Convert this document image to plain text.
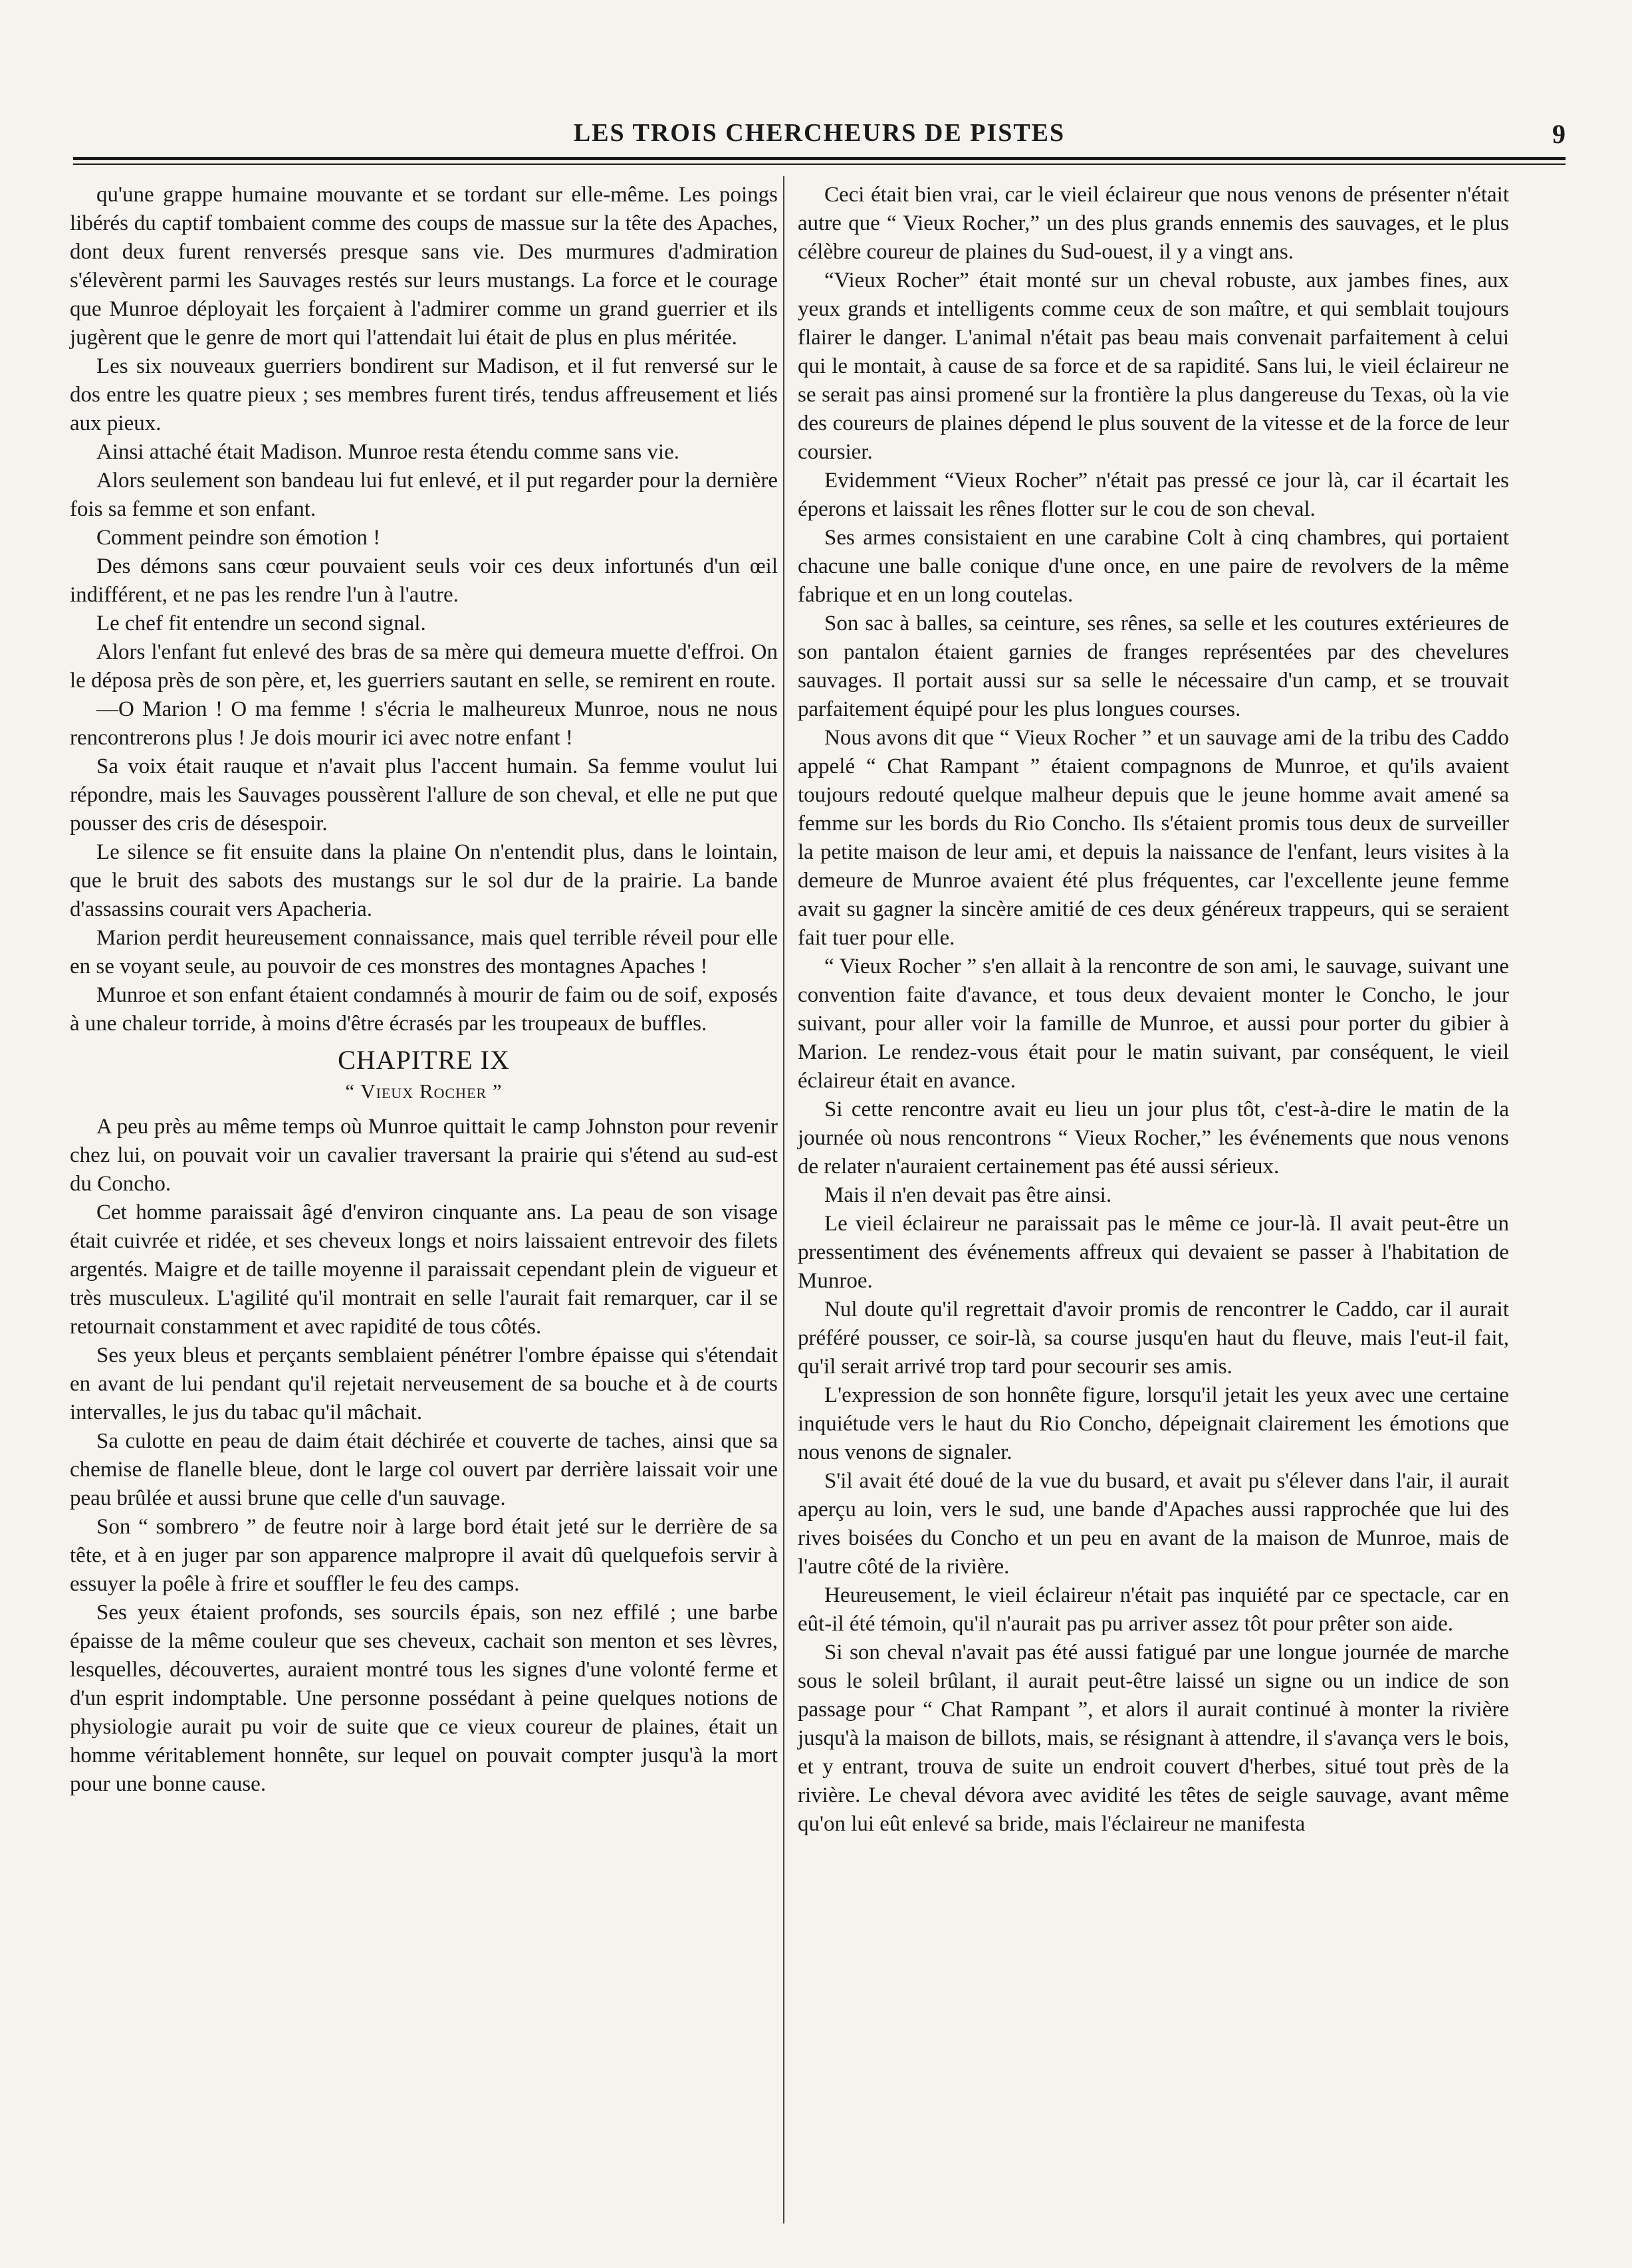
LES TROIS CHERCHEURS DE PISTES	9

qu'une grappe humaine mouvante et se tordant sur elle-même. Les poings libérés du captif tombaient comme des coups de massue sur la tête des Apaches, dont deux furent renversés presque sans vie. Des murmures d'admiration s'élevèrent parmi les Sauvages restés sur leurs mustangs. La force et le courage que Munroe déployait les forçaient à l'admirer comme un grand guerrier et ils jugèrent que le genre de mort qui l'attendait lui était de plus en plus méritée.

Les six nouveaux guerriers bondirent sur Madison, et il fut renversé sur le dos entre les quatre pieux ; ses membres furent tirés, tendus affreusement et liés aux pieux.

Ainsi attaché était Madison. Munroe resta étendu comme sans vie.

Alors seulement son bandeau lui fut enlevé, et il put regarder pour la dernière fois sa femme et son enfant.

Comment peindre son émotion !

Des démons sans cœur pouvaient seuls voir ces deux infortunés d'un œil indifférent, et ne pas les rendre l'un à l'autre.

Le chef fit entendre un second signal.

Alors l'enfant fut enlevé des bras de sa mère qui demeura muette d'effroi. On le déposa près de son père, et, les guerriers sautant en selle, se remirent en route.

—O Marion ! O ma femme ! s'écria le malheureux Munroe, nous ne nous rencontrerons plus ! Je dois mourir ici avec notre enfant !

Sa voix était rauque et n'avait plus l'accent humain. Sa femme voulut lui répondre, mais les Sauvages poussèrent l'allure de son cheval, et elle ne put que pousser des cris de désespoir.

Le silence se fit ensuite dans la plaine On n'entendit plus, dans le lointain, que le bruit des sabots des mustangs sur le sol dur de la prairie. La bande d'assassins courait vers Apacheria.

Marion perdit heureusement connaissance, mais quel terrible réveil pour elle en se voyant seule, au pouvoir de ces monstres des montagnes Apaches !

Munroe et son enfant étaient condamnés à mourir de faim ou de soif, exposés à une chaleur torride, à moins d'être écrasés par les troupeaux de buffles.

CHAPITRE IX
“ Vieux Rocher ”

A peu près au même temps où Munroe quittait le camp Johnston pour revenir chez lui, on pouvait voir un cavalier traversant la prairie qui s'étend au sud-est du Concho.

Cet homme paraissait âgé d'environ cinquante ans. La peau de son visage était cuivrée et ridée, et ses cheveux longs et noirs laissaient entrevoir des filets argentés. Maigre et de taille moyenne il paraissait cependant plein de vigueur et très musculeux. L'agilité qu'il montrait en selle l'aurait fait remarquer, car il se retournait constamment et avec rapidité de tous côtés.

Ses yeux bleus et perçants semblaient pénétrer l'ombre épaisse qui s'étendait en avant de lui pendant qu'il rejetait nerveusement de sa bouche et à de courts intervalles, le jus du tabac qu'il mâchait.

Sa culotte en peau de daim était déchirée et couverte de taches, ainsi que sa chemise de flanelle bleue, dont le large col ouvert par derrière laissait voir une peau brûlée et aussi brune que celle d'un sauvage.

Son “ sombrero ” de feutre noir à large bord était jeté sur le derrière de sa tête, et à en juger par son apparence malpropre il avait dû quelquefois servir à essuyer la poêle à frire et souffler le feu des camps.

Ses yeux étaient profonds, ses sourcils épais, son nez effilé ; une barbe épaisse de la même couleur que ses cheveux, cachait son menton et ses lèvres, lesquelles, découvertes, auraient montré tous les signes d'une volonté ferme et d'un esprit indomptable. Une personne possédant à peine quelques notions de physiologie aurait pu voir de suite que ce vieux coureur de plaines, était un homme véritablement honnête, sur lequel on pouvait compter jusqu'à la mort pour une bonne cause.

Ceci était bien vrai, car le vieil éclaireur que nous venons de présenter n'était autre que “ Vieux Rocher,” un des plus grands ennemis des sauvages, et le plus célèbre coureur de plaines du Sud-ouest, il y a vingt ans.

“Vieux Rocher” était monté sur un cheval robuste, aux jambes fines, aux yeux grands et intelligents comme ceux de son maître, et qui semblait toujours flairer le danger. L'animal n'était pas beau mais convenait parfaitement à celui qui le montait, à cause de sa force et de sa rapidité. Sans lui, le vieil éclaireur ne se serait pas ainsi promené sur la frontière la plus dangereuse du Texas, où la vie des coureurs de plaines dépend le plus souvent de la vitesse et de la force de leur coursier.

Evidemment “Vieux Rocher” n'était pas pressé ce jour là, car il écartait les éperons et laissait les rênes flotter sur le cou de son cheval.

Ses armes consistaient en une carabine Colt à cinq chambres, qui portaient chacune une balle conique d'une once, en une paire de revolvers de la même fabrique et en un long coutelas.

Son sac à balles, sa ceinture, ses rênes, sa selle et les coutures extérieures de son pantalon étaient garnies de franges représentées par des chevelures sauvages. Il portait aussi sur sa selle le nécessaire d'un camp, et se trouvait parfaitement équipé pour les plus longues courses.

Nous avons dit que “ Vieux Rocher ” et un sauvage ami de la tribu des Caddo appelé “ Chat Rampant ” étaient compagnons de Munroe, et qu'ils avaient toujours redouté quelque malheur depuis que le jeune homme avait amené sa femme sur les bords du Rio Concho. Ils s'étaient promis tous deux de surveiller la petite maison de leur ami, et depuis la naissance de l'enfant, leurs visites à la demeure de Munroe avaient été plus fréquentes, car l'excellente jeune femme avait su gagner la sincère amitié de ces deux généreux trappeurs, qui se seraient fait tuer pour elle.

“ Vieux Rocher ” s'en allait à la rencontre de son ami, le sauvage, suivant une convention faite d'avance, et tous deux devaient monter le Concho, le jour suivant, pour aller voir la famille de Munroe, et aussi pour porter du gibier à Marion. Le rendez-vous était pour le matin suivant, par conséquent, le vieil éclaireur était en avance.

Si cette rencontre avait eu lieu un jour plus tôt, c'est-à-dire le matin de la journée où nous rencontrons “ Vieux Rocher,” les événements que nous venons de relater n'auraient certainement pas été aussi sérieux.

Mais il n'en devait pas être ainsi.

Le vieil éclaireur ne paraissait pas le même ce jour-là. Il avait peut-être un pressentiment des événements affreux qui devaient se passer à l'habitation de Munroe.

Nul doute qu'il regrettait d'avoir promis de rencontrer le Caddo, car il aurait préféré pousser, ce soir-là, sa course jusqu'en haut du fleuve, mais l'eut-il fait, qu'il serait arrivé trop tard pour secourir ses amis.

L'expression de son honnête figure, lorsqu'il jetait les yeux avec une certaine inquiétude vers le haut du Rio Concho, dépeignait clairement les émotions que nous venons de signaler.

S'il avait été doué de la vue du busard, et avait pu s'élever dans l'air, il aurait aperçu au loin, vers le sud, une bande d'Apaches aussi rapprochée que lui des rives boisées du Concho et un peu en avant de la maison de Munroe, mais de l'autre côté de la rivière.

Heureusement, le vieil éclaireur n'était pas inquiété par ce spectacle, car en eût-il été témoin, qu'il n'aurait pas pu arriver assez tôt pour prêter son aide.

Si son cheval n'avait pas été aussi fatigué par une longue journée de marche sous le soleil brûlant, il aurait peut-être laissé un signe ou un indice de son passage pour “ Chat Rampant ”, et alors il aurait continué à monter la rivière jusqu'à la maison de billots, mais, se résignant à attendre, il s'avança vers le bois, et y entrant, trouva de suite un endroit couvert d'herbes, situé tout près de la rivière. Le cheval dévora avec avidité les têtes de seigle sauvage, avant même qu'on lui eût enlevé sa bride, mais l'éclaireur ne manifesta
